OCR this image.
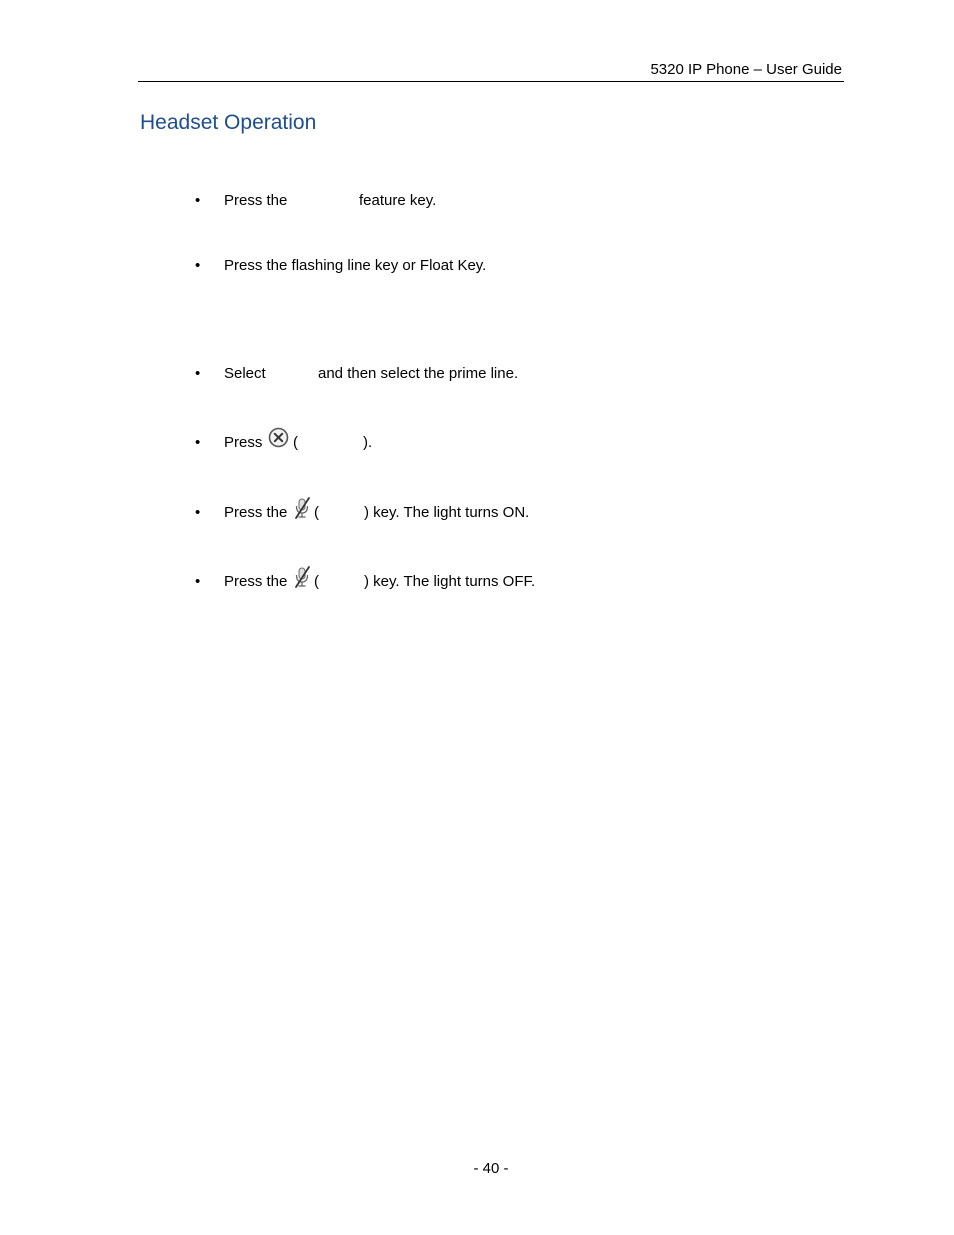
5320 IP Phone – User Guide
Headset Operation
• Press the	feature key.
• Press the flashing line key or Float Key.
• Select	and then select the prime line.
• Press (	).
• Press the (	) key. The light turns ON.
• Press the (	) key. The light turns OFF.
- 40 -
